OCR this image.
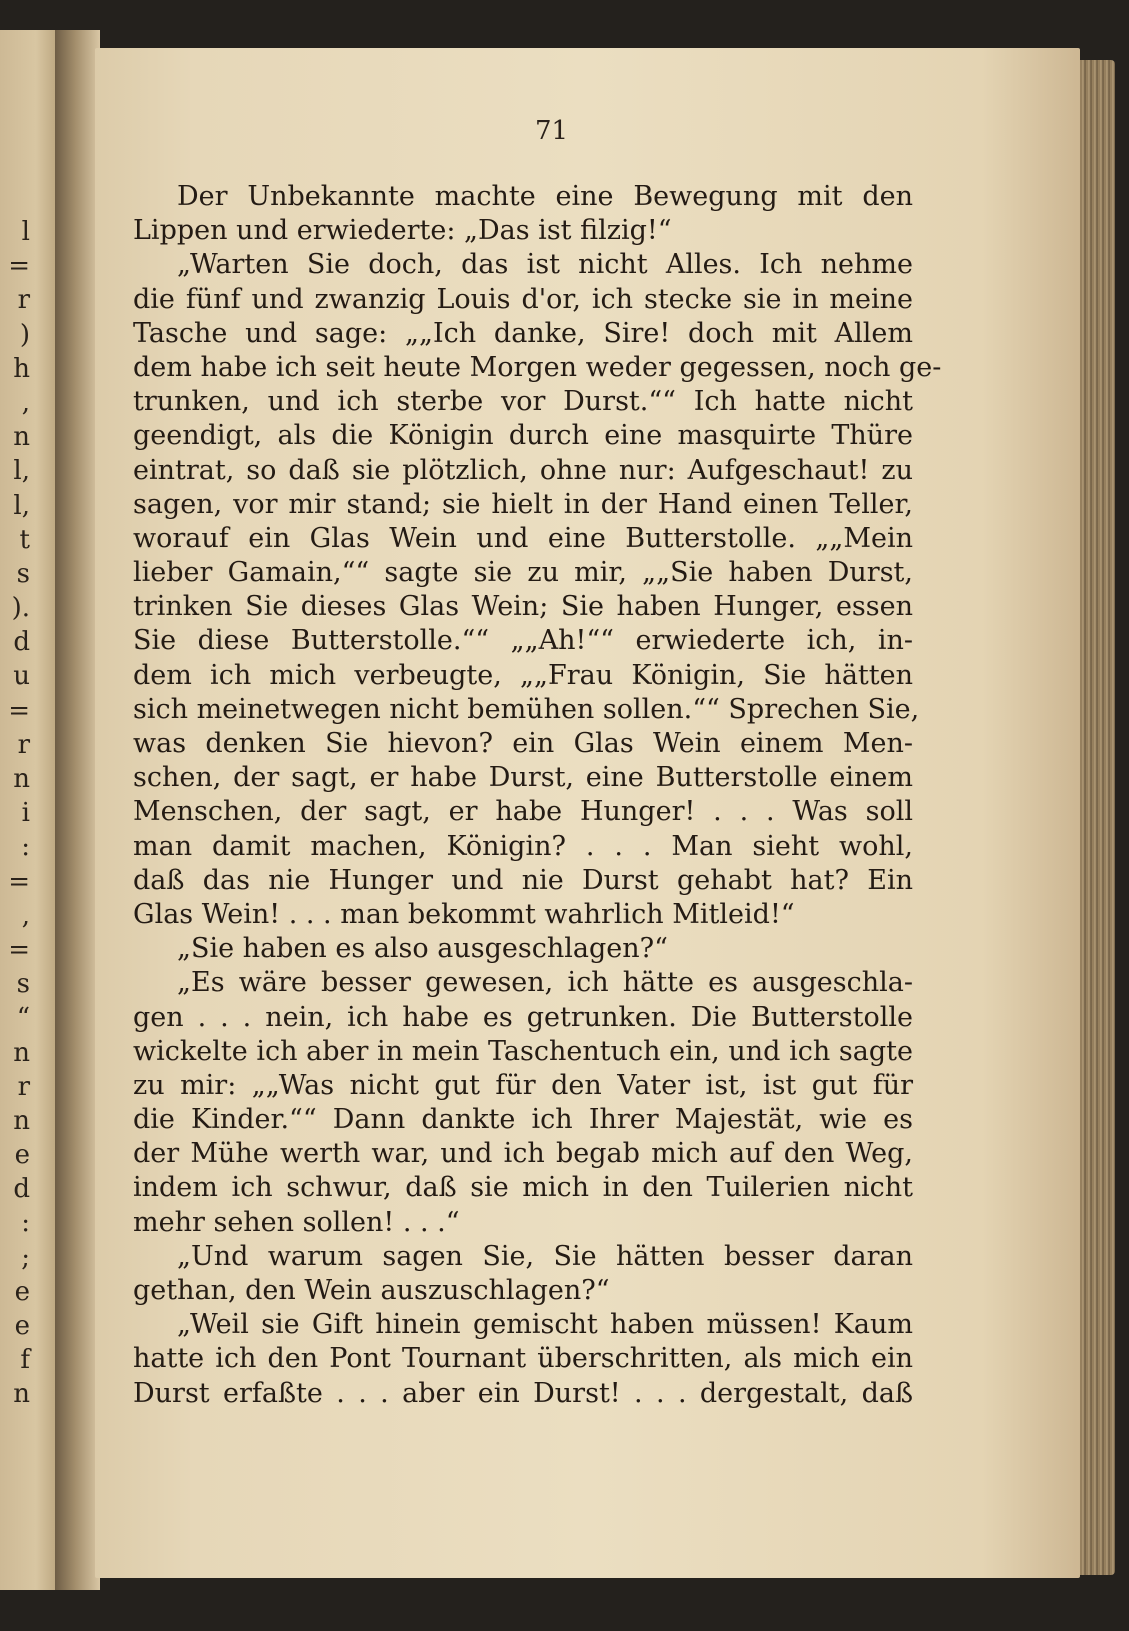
l
=
r
)
h
,
n
l,
l,
t
s
).
d
u
=
r
n
i
:
=
,
=
s
“
n
r
n
e
d
:
;
e
e
f
n
71
Der Unbekannte machte eine Bewegung mit den
Lippen und erwiederte: „Das ist filzig!“
„Warten Sie doch, das ist nicht Alles. Ich nehme
die fünf und zwanzig Louis d'or, ich stecke sie in meine
Tasche und sage: „„Ich danke, Sire! doch mit Allem
dem habe ich seit heute Morgen weder gegessen, noch ge-
trunken, und ich sterbe vor Durst.““ Ich hatte nicht
geendigt, als die Königin durch eine masquirte Thüre
eintrat, so daß sie plötzlich, ohne nur: Aufgeschaut! zu
sagen, vor mir stand; sie hielt in der Hand einen Teller,
worauf ein Glas Wein und eine Butterstolle. „„Mein
lieber Gamain,““ sagte sie zu mir, „„Sie haben Durst,
trinken Sie dieses Glas Wein; Sie haben Hunger, essen
Sie diese Butterstolle.““ „„Ah!““ erwiederte ich, in-
dem ich mich verbeugte, „„Frau Königin, Sie hätten
sich meinetwegen nicht bemühen sollen.““ Sprechen Sie,
was denken Sie hievon? ein Glas Wein einem Men-
schen, der sagt, er habe Durst, eine Butterstolle einem
Menschen, der sagt, er habe Hunger! . . . Was soll
man damit machen, Königin? . . . Man sieht wohl,
daß das nie Hunger und nie Durst gehabt hat? Ein
Glas Wein! . . . man bekommt wahrlich Mitleid!“
„Sie haben es also ausgeschlagen?“
„Es wäre besser gewesen, ich hätte es ausgeschla-
gen . . . nein, ich habe es getrunken. Die Butterstolle
wickelte ich aber in mein Taschentuch ein, und ich sagte
zu mir: „„Was nicht gut für den Vater ist, ist gut für
die Kinder.““ Dann dankte ich Ihrer Majestät, wie es
der Mühe werth war, und ich begab mich auf den Weg,
indem ich schwur, daß sie mich in den Tuilerien nicht
mehr sehen sollen! . . .“
„Und warum sagen Sie, Sie hätten besser daran
gethan, den Wein auszuschlagen?“
„Weil sie Gift hinein gemischt haben müssen! Kaum
hatte ich den Pont Tournant überschritten, als mich ein
Durst erfaßte . . . aber ein Durst! . . . dergestalt, daß
